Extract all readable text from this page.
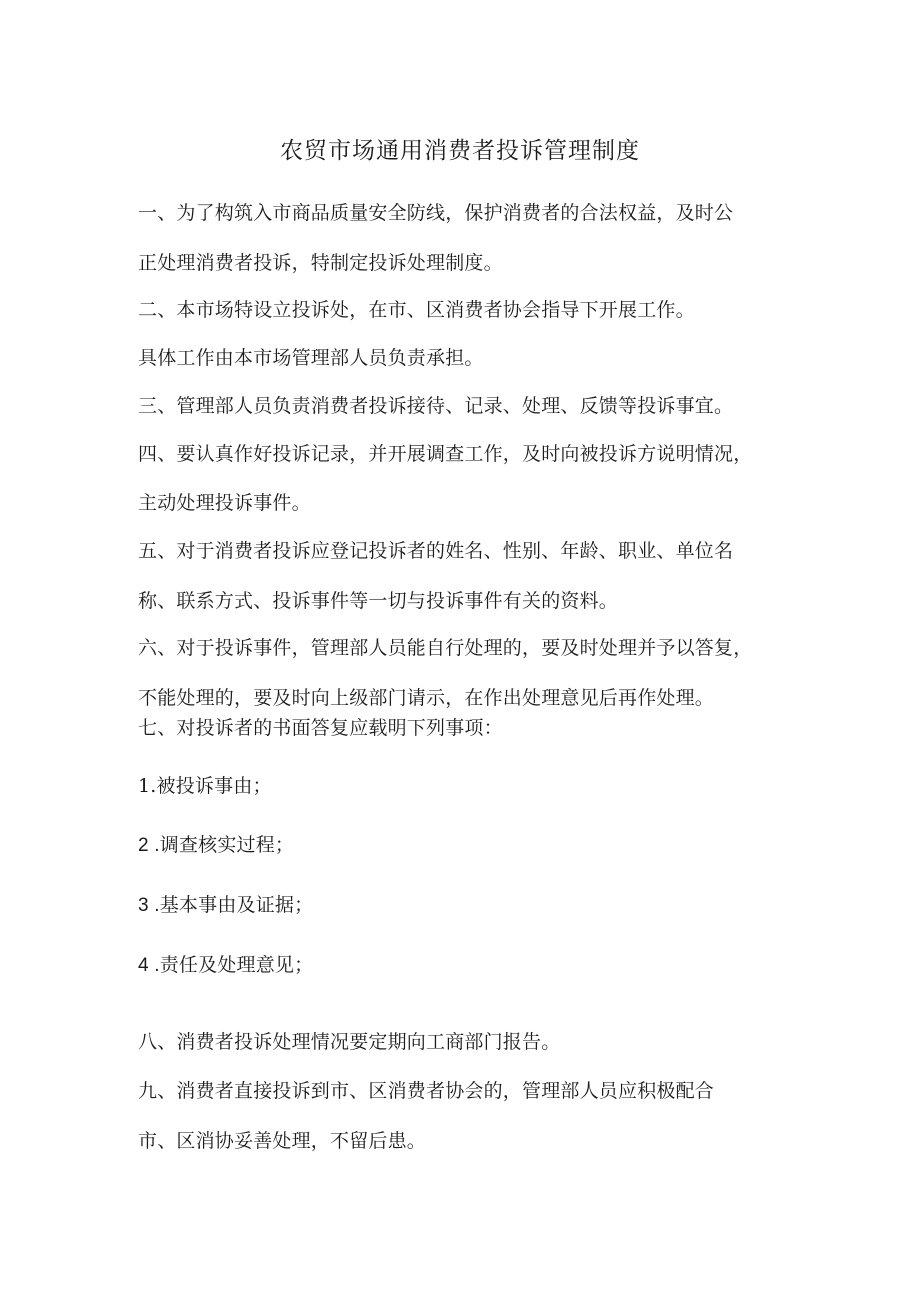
农贸市场通用消费者投诉管理制度
一、为了构筑入市商品质量安全防线，保护消费者的合法权益，及时公
正处理消费者投诉，特制定投诉处理制度。
二、本市场特设立投诉处，在市、区消费者协会指导下开展工作。
具体工作由本市场管理部人员负责承担。
三、管理部人员负责消费者投诉接待、记录、处理、反馈等投诉事宜。
四、要认真作好投诉记录，并开展调查工作，及时向被投诉方说明情况，
主动处理投诉事件。
五、对于消费者投诉应登记投诉者的姓名、性别、年龄、职业、单位名
称、联系方式、投诉事件等一切与投诉事件有关的资料。
六、对于投诉事件，管理部人员能自行处理的，要及时处理并予以答复，
不能处理的，要及时向上级部门请示，在作出处理意见后再作处理。
七、对投诉者的书面答复应载明下列事项：
1.被投诉事由；
2 .调查核实过程；
3 .基本事由及证据；
4 .责任及处理意见；
八、消费者投诉处理情况要定期向工商部门报告。
九、消费者直接投诉到市、区消费者协会的，管理部人员应积极配合
市、区消协妥善处理，不留后患。
